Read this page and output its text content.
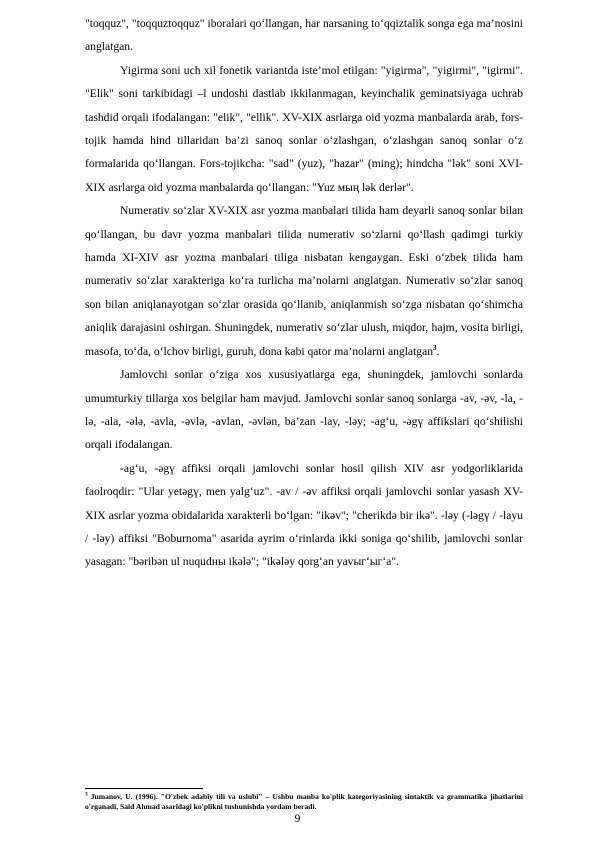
"toqquz", "toqquztoqquz" iboralari qo‘llangan, har narsaning to‘qqiztalik songa ega ma’nosini anglatgan.

Yigirma soni uch xil fonetik variantda iste’mol etilgan: "yigirma", "yigirmi", "igirmi". "Elik" soni tarkibidagi –l undoshi dastlab ikkilanmagan, keyinchalik geminatsiyaga uchrab tashdid orqali ifodalangan: "elik", "ellik". XV-XIX asrlarga oid yozma manbalarda arab, fors-tojik hamda hind tillaridan ba’zi sanoq sonlar o‘zlashgan, o‘zlashgan sanoq sonlar o‘z formalarida qo‘llangan. Fors-tojikcha: "sad" (yuz), "hazar" (ming); hindcha "lək" soni XVI-XIX asrlarga oid yozma manbalarda qo‘llangan: "Yuz мың lək derlər".

Numerativ so‘zlar XV-XIX asr yozma manbalari tilida ham deyarli sanoq sonlar bilan qo‘llangan, bu davr yozma manbalari tilida numerativ so‘zlarni qo‘llash qadimgi turkiy hamda XI-XIV asr yozma manbalari tiliga nisbatan kengaygan. Eski o‘zbek tilida ham numerativ so‘zlar xarakteriga ko‘ra turlicha ma’nolarni anglatgan. Numerativ so‘zlar sanoq son bilan aniqlanayotgan so‘zlar orasida qo‘llanib, aniqlanmish so‘zga nisbatan qo‘shimcha aniqlik darajasini oshirgan. Shuningdek, numerativ so‘zlar ulush, miqdor, hajm, vosita birligi, masofa, to‘da, o‘lchov birligi, guruh, dona kabi qator ma’nolarni anglatgan$^3$.

Jamlovchi sonlar o‘ziga xos xususiyatlarga ega, shuningdek, jamlovchi sonlarda umumturkiy tillarga xos belgilar ham mavjud. Jamlovchi sonlar sanoq sonlarga -av, -əv, -la, -lə, -ala, -ələ, -avla, -əvlə, -avlan, -əvlən, ba’zan -lay, -ləy; -ag‘u, -əgү affikslari qo‘shilishi orqali ifodalangan.

-ag‘u, -əgү affiksi orqali jamlovchi sonlar hosil qilish XIV asr yodgorliklarida faolroqdir: "Ular yetəgү, men yalg‘uz". -av / -əv affiksi orqali jamlovchi sonlar yasash XV-XIX asrlar yozma obidalarida xarakterli bo‘lgan: "ikəv"; "cherikdə bir ikə". -ləy (-ləgү / -layu / -ləy) affiksi "Boburnoma" asarida ayrim o‘rinlarda ikki soniga qo‘shilib, jamlovchi sonlar yasagan: "bəribən ul nuqudны ikələ"; "ikələy qorg‘an yavыг‘ыг‘a".

$^3$ Jumanov, U. (1996). "O'zbek adabiy tili va uslubi" – Ushbu manba ko'plik kategoriyasining sintaktik va grammatika jihatlarini o'rganadi, Said Ahmad asaridagi ko'plikni tushunishda yordam beradi.

9
